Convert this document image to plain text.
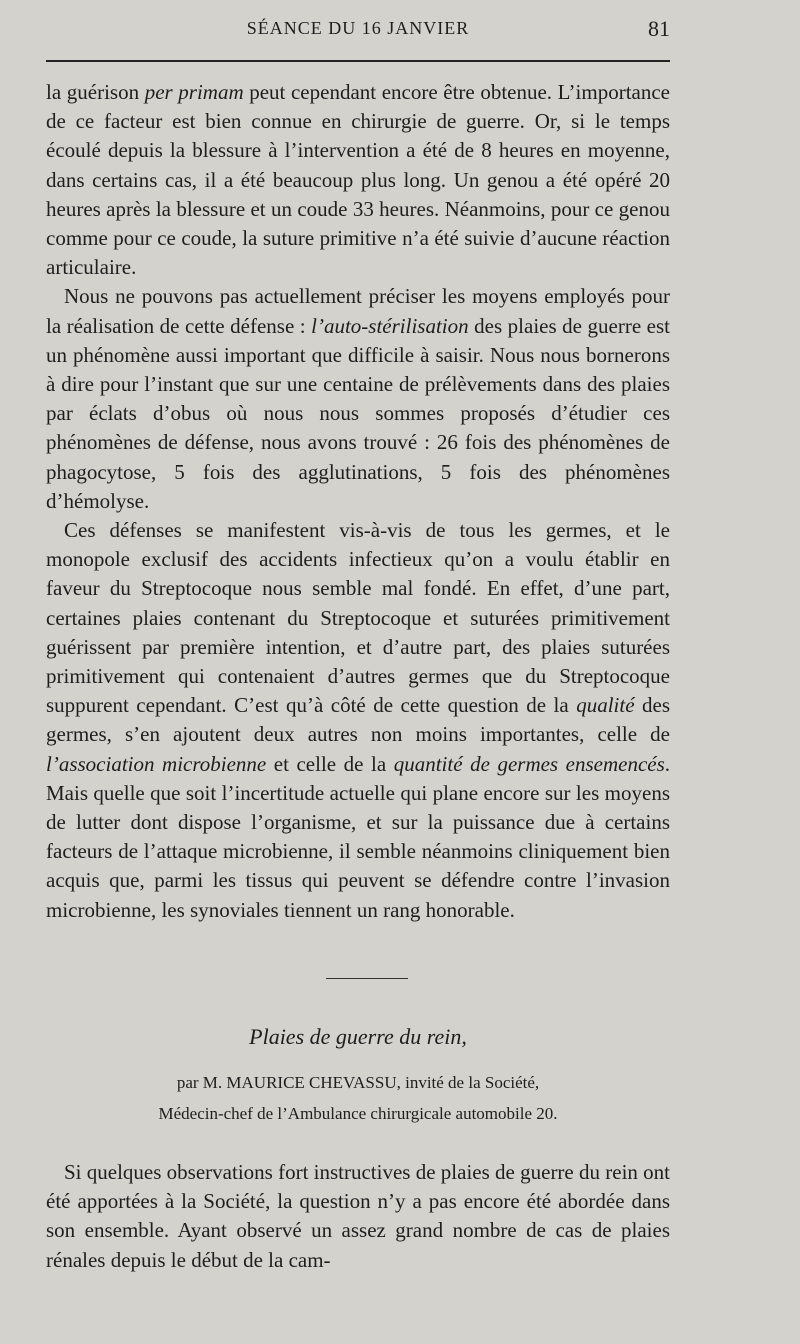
SÉANCE DU 16 JANVIER	81

la guérison per primam peut cependant encore être obtenue. L’importance de ce facteur est bien connue en chirurgie de guerre. Or, si le temps écoulé depuis la blessure à l’intervention a été de 8 heures en moyenne, dans certains cas, il a été beaucoup plus long. Un genou a été opéré 20 heures après la blessure et un coude 33 heures. Néanmoins, pour ce genou comme pour ce coude, la suture primitive n’a été suivie d’aucune réaction articulaire.

Nous ne pouvons pas actuellement préciser les moyens employés pour la réalisation de cette défense : l’auto-stérilisation des plaies de guerre est un phénomène aussi important que difficile à saisir. Nous nous bornerons à dire pour l’instant que sur une centaine de prélèvements dans des plaies par éclats d’obus où nous nous sommes proposés d’étudier ces phénomènes de défense, nous avons trouvé : 26 fois des phénomènes de phagocytose, 5 fois des agglutinations, 5 fois des phénomènes d’hémolyse.

Ces défenses se manifestent vis-à-vis de tous les germes, et le monopole exclusif des accidents infectieux qu’on a voulu établir en faveur du Streptocoque nous semble mal fondé. En effet, d’une part, certaines plaies contenant du Streptocoque et suturées primitivement guérissent par première intention, et d’autre part, des plaies suturées primitivement qui contenaient d’autres germes que du Streptocoque suppurent cependant. C’est qu’à côté de cette question de la qualité des germes, s’en ajoutent deux autres non moins importantes, celle de l’association microbienne et celle de la quantité de germes ensemencés. Mais quelle que soit l’incertitude actuelle qui plane encore sur les moyens de lutter dont dispose l’organisme, et sur la puissance due à certains facteurs de l’attaque microbienne, il semble néanmoins cliniquement bien acquis que, parmi les tissus qui peuvent se défendre contre l’invasion microbienne, les synoviales tiennent un rang honorable.

Plaies de guerre du rein,
par M. MAURICE CHEVASSU, invité de la Société,
Médecin-chef de l’Ambulance chirurgicale automobile 20.

Si quelques observations fort instructives de plaies de guerre du rein ont été apportées à la Société, la question n’y a pas encore été abordée dans son ensemble. Ayant observé un assez grand nombre de cas de plaies rénales depuis le début de la cam-
